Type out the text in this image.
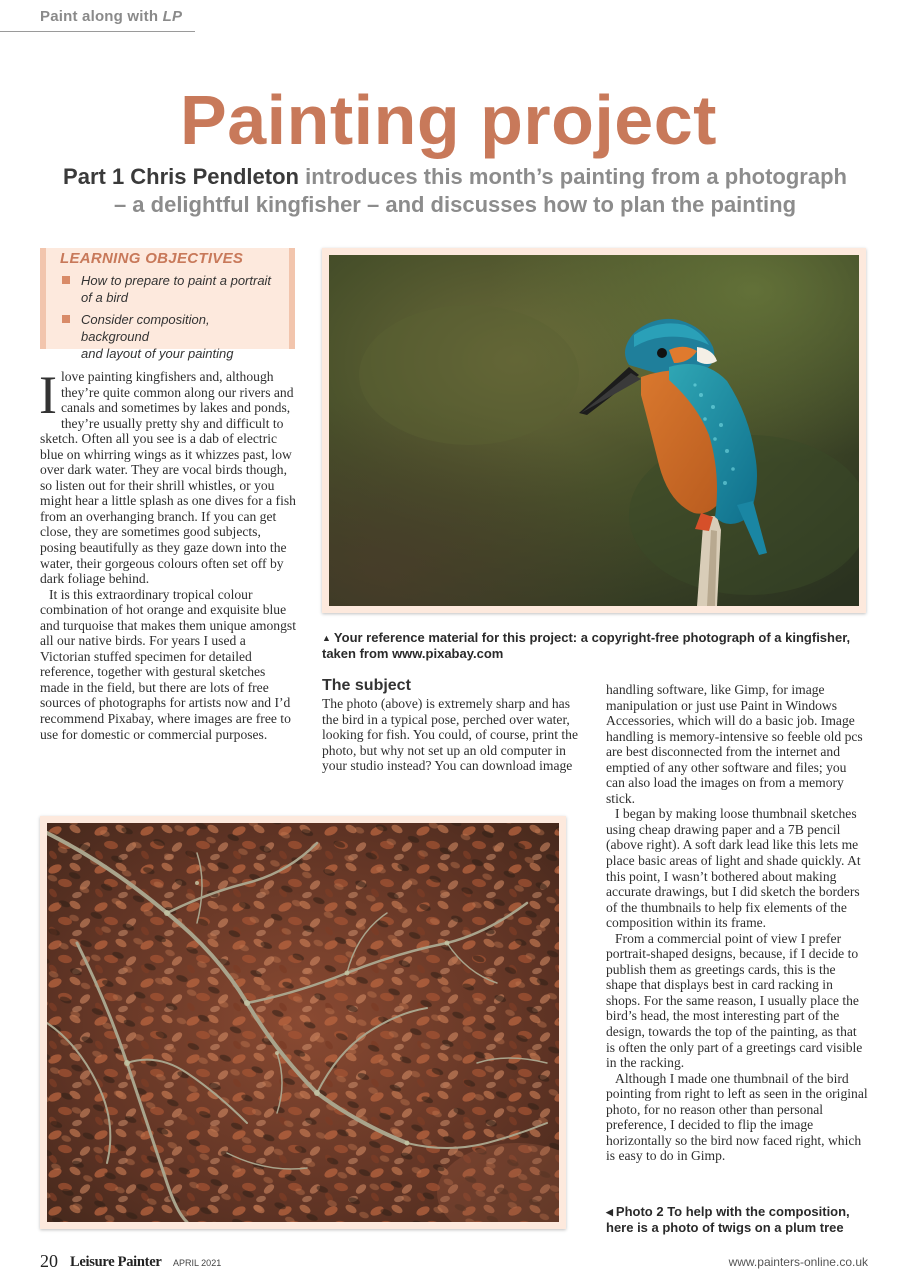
Paint along with LP
Painting project
Part 1 Chris Pendleton introduces this month’s painting from a photograph
– a delightful kingfisher – and discusses how to plan the painting

LEARNING OBJECTIVES

How to prepare to paint a portrait
of a bird
Consider composition, background
and layout of your painting

Ilove painting kingfishers and, although they’re quite common along our rivers and canals and sometimes by lakes and ponds, they’re usually pretty shy and difficult to sketch. Often all you see is a dab of electric blue on whirring wings as it whizzes past, low over dark water. They are vocal birds though, so listen out for their shrill whistles, or you might hear a little splash as one dives for a fish from an overhanging branch. If you can get close, they are sometimes good subjects, posing beautifully as they gaze down into the water, their gorgeous colours often set off by dark foliage behind.

It is this extraordinary tropical colour combination of hot orange and exquisite blue and turquoise that makes them unique amongst all our native birds. For years I used a Victorian stuffed specimen for detailed reference, together with gestural sketches made in the field, but there are lots of free sources of photographs for artists now and I’d recommend Pixabay, where images are free to use for domestic or commercial purposes.

▲ Your reference material for this project: a copyright-free photograph of a kingfisher, taken from www.pixabay.com

The subject

The photo (above) is extremely sharp and has the bird in a typical pose, perched over water, looking for fish. You could, of course, print the photo, but why not set up an old computer in your studio instead? You can download image

handling software, like Gimp, for image manipulation or just use Paint in Windows Accessories, which will do a basic job. Image handling is memory-intensive so feeble old pcs are best disconnected from the internet and emptied of any other software and files; you can also load the images on from a memory stick.

I began by making loose thumbnail sketches using cheap drawing paper and a 7B pencil (above right). A soft dark lead like this lets me place basic areas of light and shade quickly. At this point, I wasn’t bothered about making accurate drawings, but I did sketch the borders of the thumbnails to help fix elements of the composition within its frame.

From a commercial point of view I prefer portrait-shaped designs, because, if I decide to publish them as greetings cards, this is the shape that displays best in card racking in shops. For the same reason, I usually place the bird’s head, the most interesting part of the design, towards the top of the painting, as that is often the only part of a greetings card visible in the racking.

Although I made one thumbnail of the bird pointing from right to left as seen in the original photo, for no reason other than personal preference, I decided to flip the image horizontally so the bird now faced right, which is easy to do in Gimp.

◀ Photo 2 To help with the composition, here is a photo of twigs on a plum tree
20 Leisure Painter APRIL 2021	www.painters-online.co.uk
